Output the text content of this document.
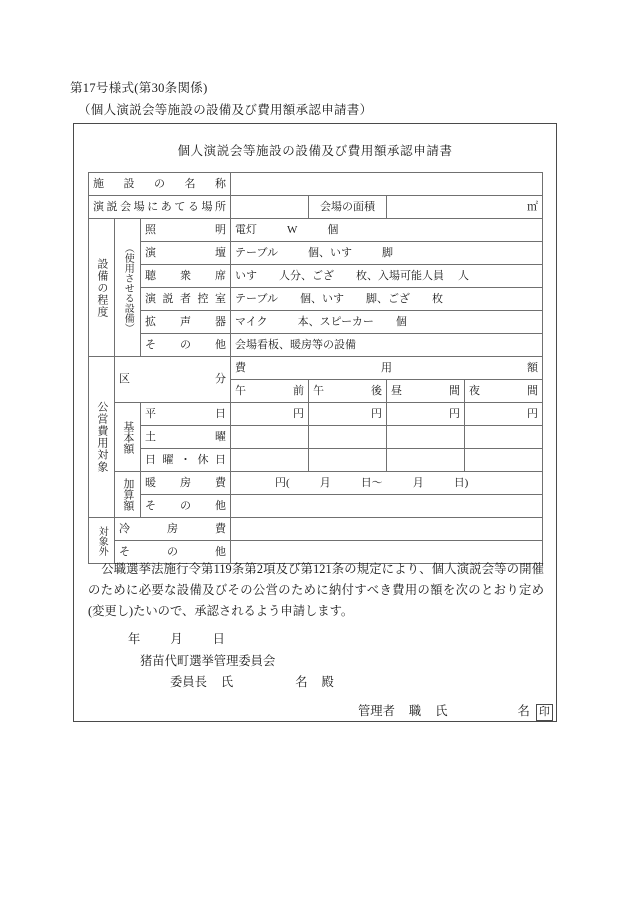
第17号様式(第30条関係)
（個人演説会等施設の設備及び費用額承認申請書）
個人演説会等施設の設備及び費用額承認申請書
施設の名称						
演説会場にあてる場所				会場の面積	㎡	
設備の程度	（使用させる設備）	照明	電灯 W 個			
		演壇	テーブル 個、いす 脚			
		聴衆席	いす 人分、ござ 枚、入場可能人員 人			
		演説者控室	テーブル 個、いす 脚、ござ 枚			
		拡声器	マイク 本、スピーカー 個			
		その他	会場看板、暖房等の設備			
公営費用対象	区分		費用額			
			午前	午後	昼間	夜間
	基本額	平日	円	円	円	円
		土曜				
		日曜・休日				
	加算額	暖房費	円( 月 日～ 月 日)			
		その他				
対象外	冷房費					
	その他					

公職選挙法施行令第119条第2項及び第121条の規定により、個人演説会等の開催のために必要な設備及びその公営のために納付すべき費用の額を次のとおり定め(変更し)たいので、承認されるよう申請します。

年 月 日
猪苗代町選挙管理委員会
委員長 氏	名 殿
管理者 職 氏	名 印
